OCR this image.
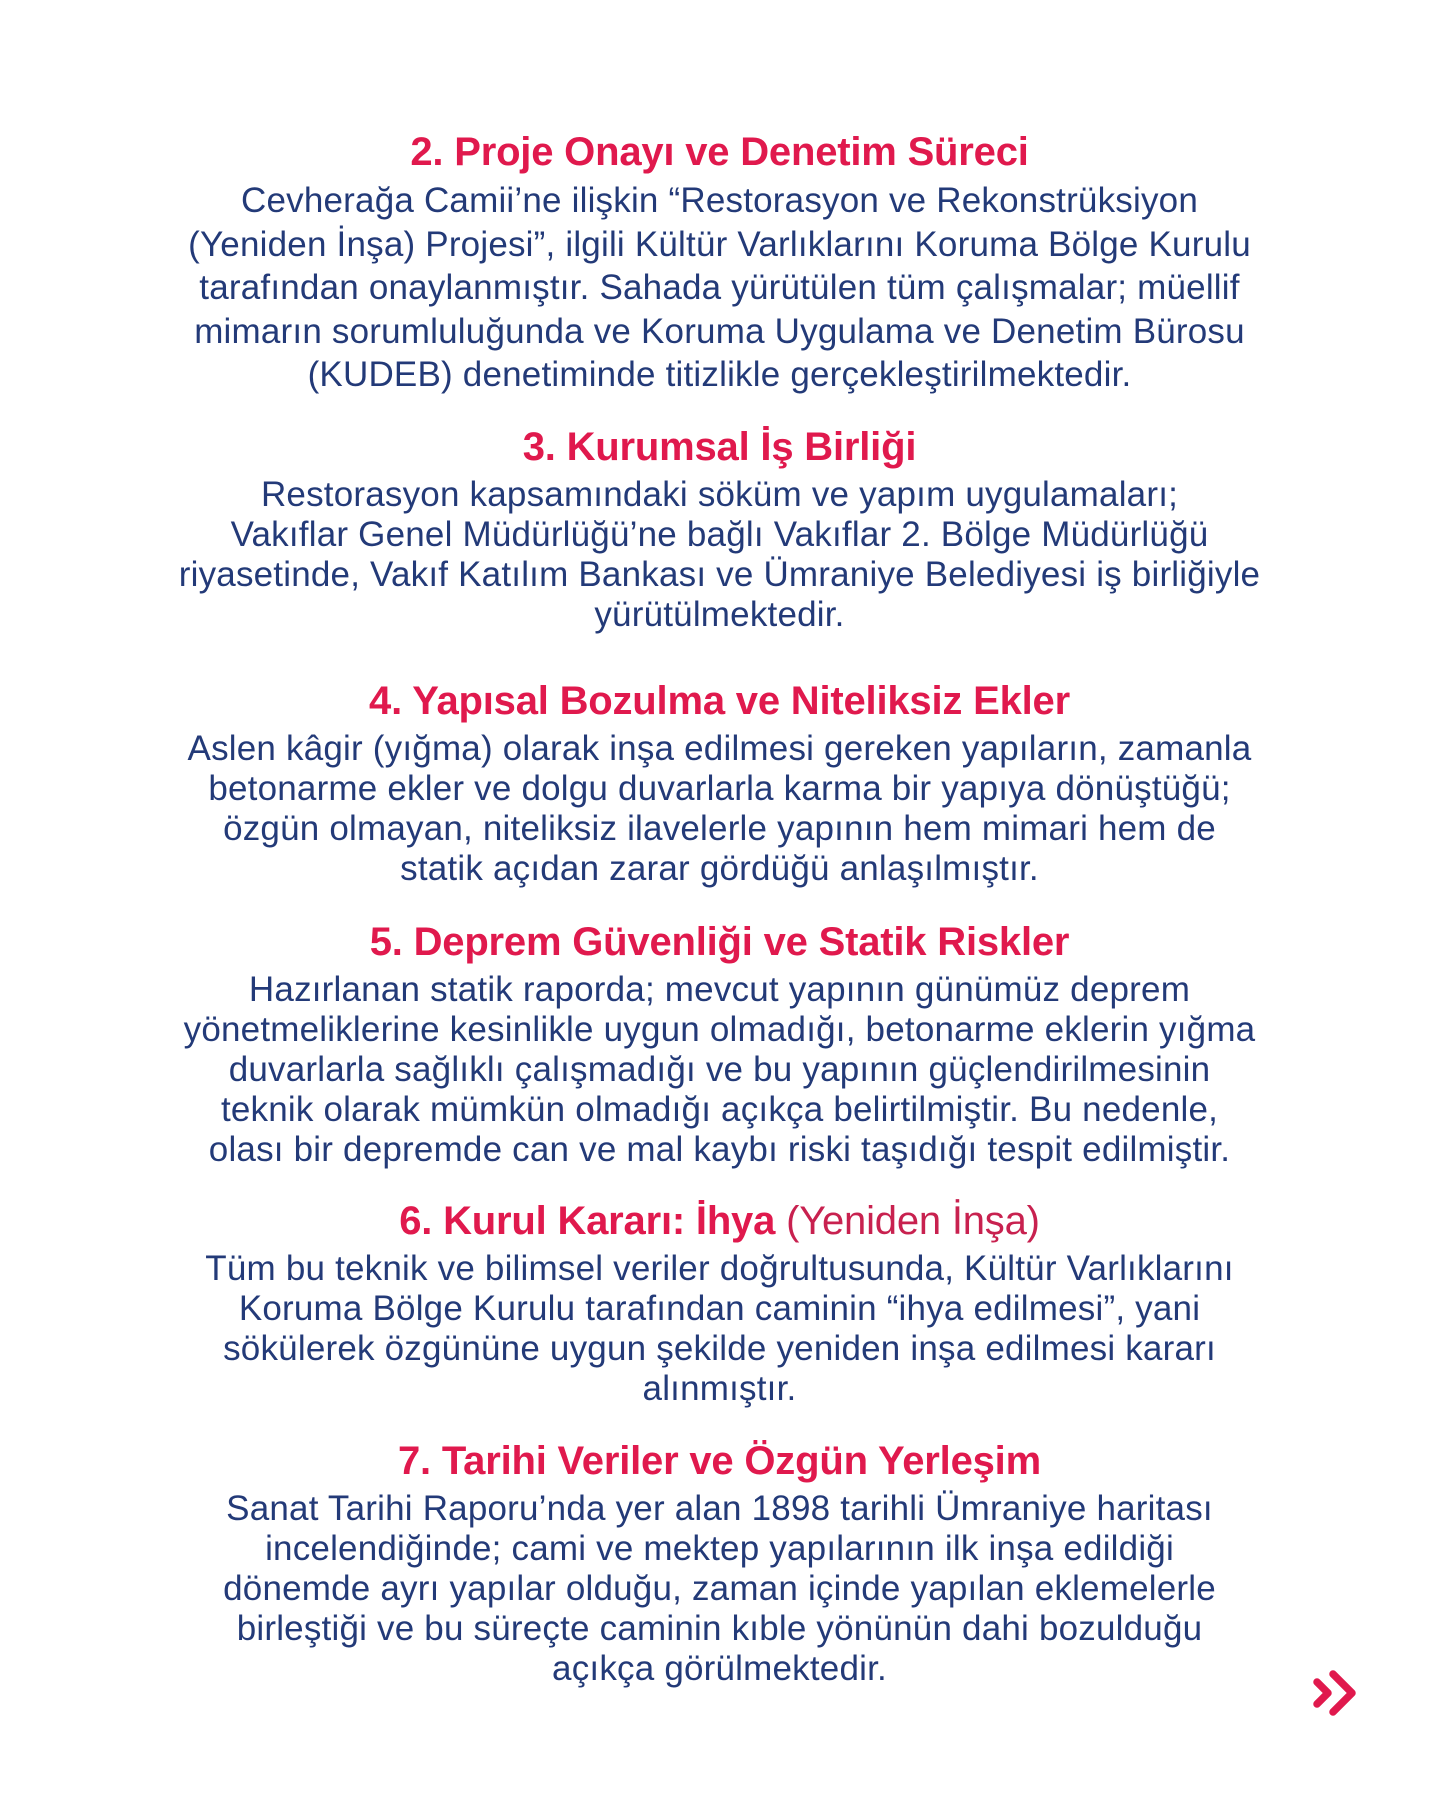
2. Proje Onayı ve Denetim Süreci
Cevherağa Camii’ne ilişkin “Restorasyon ve Rekonstrüksiyon
(Yeniden İnşa) Projesi”, ilgili Kültür Varlıklarını Koruma Bölge Kurulu
tarafından onaylanmıştır. Sahada yürütülen tüm çalışmalar; müellif
mimarın sorumluluğunda ve Koruma Uygulama ve Denetim Bürosu
(KUDEB) denetiminde titizlikle gerçekleştirilmektedir.
3. Kurumsal İş Birliği
Restorasyon kapsamındaki söküm ve yapım uygulamaları;
Vakıflar Genel Müdürlüğü’ne bağlı Vakıflar 2. Bölge Müdürlüğü
riyasetinde, Vakıf Katılım Bankası ve Ümraniye Belediyesi iş birliğiyle
yürütülmektedir.
4. Yapısal Bozulma ve Niteliksiz Ekler
Aslen kâgir (yığma) olarak inşa edilmesi gereken yapıların, zamanla
betonarme ekler ve dolgu duvarlarla karma bir yapıya dönüştüğü;
özgün olmayan, niteliksiz ilavelerle yapının hem mimari hem de
statik açıdan zarar gördüğü anlaşılmıştır.
5. Deprem Güvenliği ve Statik Riskler
Hazırlanan statik raporda; mevcut yapının günümüz deprem
yönetmeliklerine kesinlikle uygun olmadığı, betonarme eklerin yığma
duvarlarla sağlıklı çalışmadığı ve bu yapının güçlendirilmesinin
teknik olarak mümkün olmadığı açıkça belirtilmiştir. Bu nedenle,
olası bir depremde can ve mal kaybı riski taşıdığı tespit edilmiştir.
6. Kurul Kararı: İhya (Yeniden İnşa)
Tüm bu teknik ve bilimsel veriler doğrultusunda, Kültür Varlıklarını
Koruma Bölge Kurulu tarafından caminin “ihya edilmesi”, yani
sökülerek özgününe uygun şekilde yeniden inşa edilmesi kararı
alınmıştır.
7. Tarihi Veriler ve Özgün Yerleşim
Sanat Tarihi Raporu’nda yer alan 1898 tarihli Ümraniye haritası
incelendiğinde; cami ve mektep yapılarının ilk inşa edildiği
dönemde ayrı yapılar olduğu, zaman içinde yapılan eklemelerle
birleştiği ve bu süreçte caminin kıble yönünün dahi bozulduğu
açıkça görülmektedir.
